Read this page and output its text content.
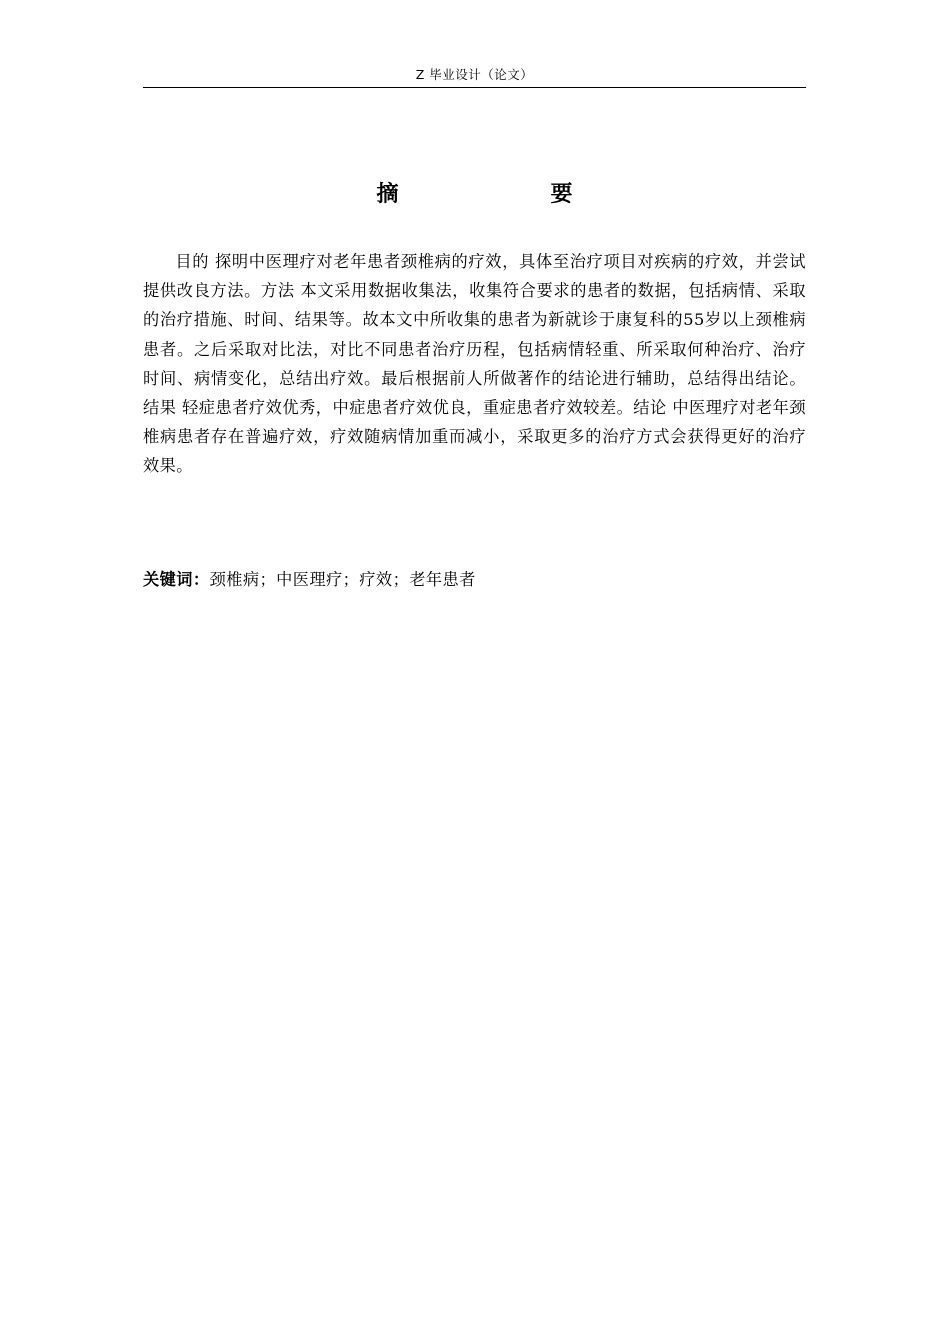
Z 毕业设计（论文）
摘　　要

目的 探明中医理疗对老年患者颈椎病的疗效，具体至治疗项目对疾病的疗效，并尝试提供改良方法。方法 本文采用数据收集法，收集符合要求的患者的数据，包括病情、采取的治疗措施、时间、结果等。故本文中所收集的患者为新就诊于康复科的55岁以上颈椎病患者。之后采取对比法，对比不同患者治疗历程，包括病情轻重、所采取何种治疗、治疗时间、病情变化，总结出疗效。最后根据前人所做著作的结论进行辅助，总结得出结论。结果 轻症患者疗效优秀，中症患者疗效优良，重症患者疗效较差。结论 中医理疗对老年颈椎病患者存在普遍疗效，疗效随病情加重而减小，采取更多的治疗方式会获得更好的治疗效果。

关键词：颈椎病；中医理疗；疗效；老年患者
